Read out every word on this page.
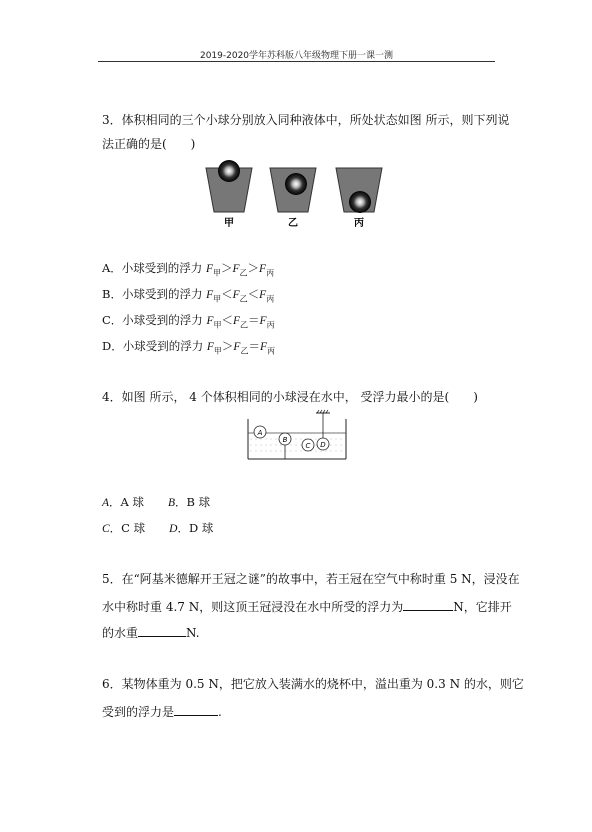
2019-2020学年苏科版八年级物理下册一课一测
3．体积相同的三个小球分别放入同种液体中，所处状态如图 所示，则下列说
法正确的是(　　)
甲	乙	丙
A．小球受到的浮力 $F_甲>F_乙>F_丙$
B．小球受到的浮力 $F_甲<F_乙<F_丙$
C．小球受到的浮力 $F_甲<F_乙=F_丙$
D．小球受到的浮力 $F_甲>F_乙=F_丙$
4．如图 所示， 4 个体积相同的小球浸在水中， 受浮力最小的是(　　)
A
B
C D
A．A 球 B．B 球
C．C 球 D．D 球
5．在“阿基米德解开王冠之谜”的故事中，若王冠在空气中称时重 5 N，浸没在
水中称时重 4.7 N，则这顶王冠浸没在水中所受的浮力为	N，它排开
的水重	N.
6．某物体重为 0.5 N，把它放入装满水的烧杯中，溢出重为 0.3 N 的水，则它
受到的浮力是	.
